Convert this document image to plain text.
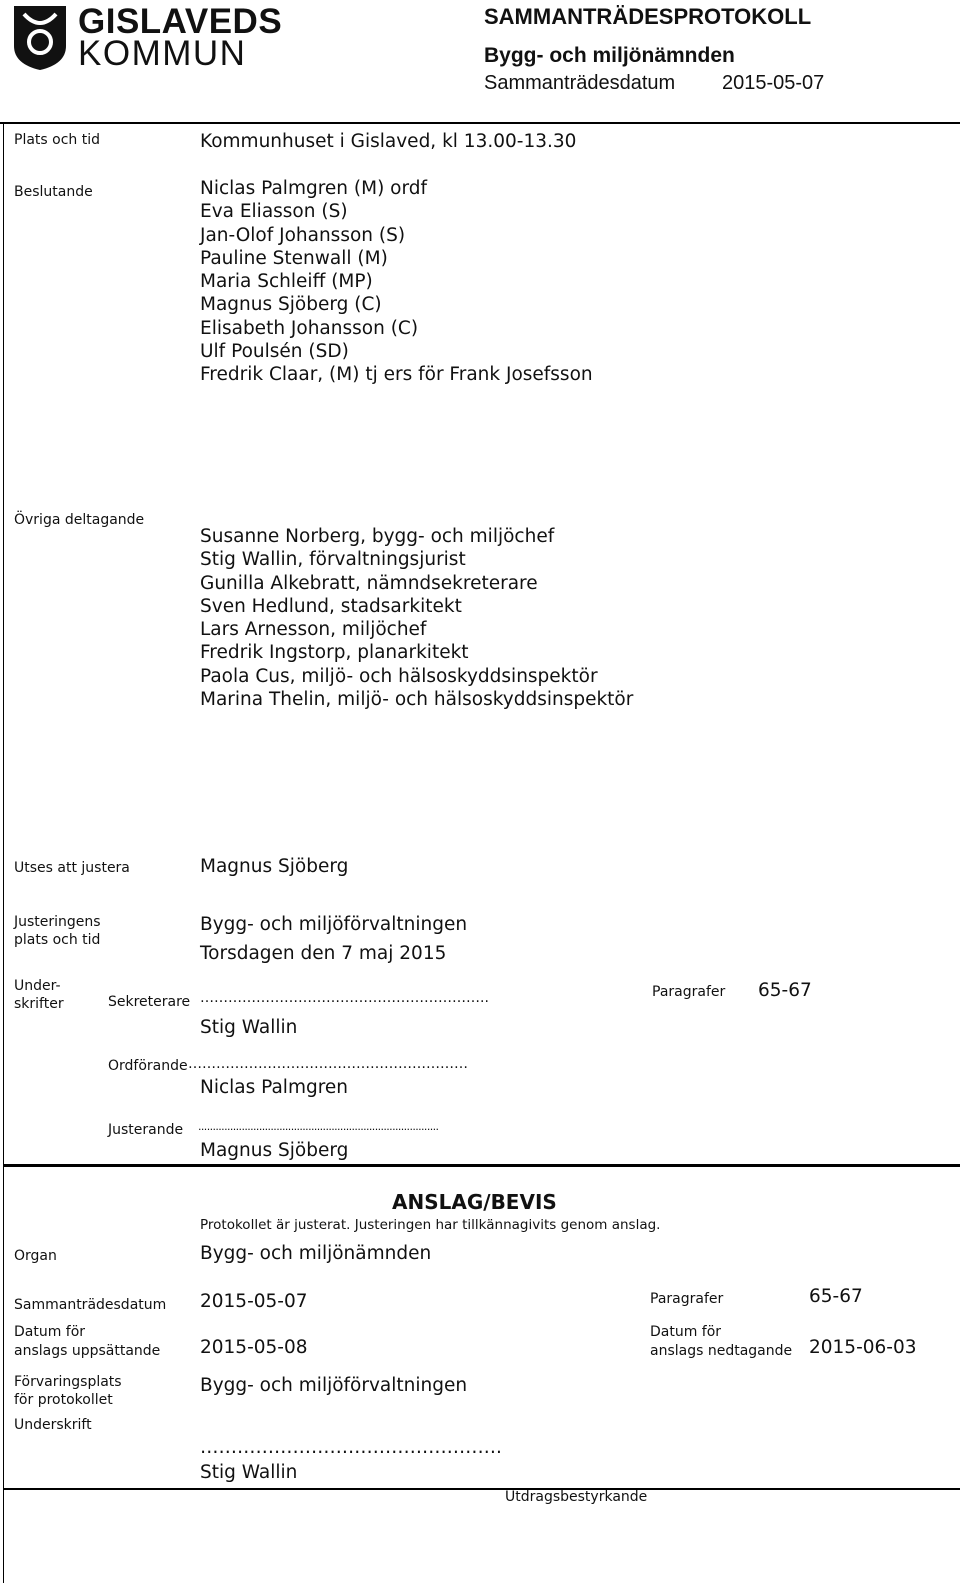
GISLAVEDS
KOMMUN
SAMMANTRÄDESPROTOKOLL
Bygg- och miljönämnden
Sammanträdesdatum 2015-05-07
Plats och tid	Kommunhuset i Gislaved, kl 13.00-13.30
Beslutande	Niclas Palmgren (M) ordf
Eva Eliasson (S)
Jan-Olof Johansson (S)
Pauline Stenwall (M)
Maria Schleiff (MP)
Magnus Sjöberg (C)
Elisabeth Johansson (C)
Ulf Poulsén (SD)
Fredrik Claar, (M) tj ers för Frank Josefsson
Övriga deltagande
Susanne Norberg, bygg- och miljöchef
Stig Wallin, förvaltningsjurist
Gunilla Alkebratt, nämndsekreterare
Sven Hedlund, stadsarkitekt
Lars Arnesson, miljöchef
Fredrik Ingstorp, planarkitekt
Paola Cus, miljö- och hälsoskyddsinspektör
Marina Thelin, miljö- och hälsoskyddsinspektör
Utses att justera	Magnus Sjöberg
Justeringens
plats och tid
Bygg- och miljöförvaltningen
Torsdagen den 7 maj 2015
Under-
skrifter	Sekreterare ……………………………………………………..
Stig Wallin
Paragrafer 65-67
Ordförande ……………………………………………………
Niclas Palmgren
Justerande ...................................................................................
Magnus Sjöberg
ANSLAG/BEVIS
Protokollet är justerat. Justeringen har tillkännagivits genom anslag.
Organ	Bygg- och miljönämnden
Sammanträdesdatum 2015-05-07	Paragrafer	65-67
Datum för
anslags uppsättande 2015-05-08
Datum för
anslags nedtagande 2015-06-03
Förvaringsplats
för protokollet
Bygg- och miljöförvaltningen
Underskrift
………………………………………….
Stig Wallin
Utdragsbestyrkande
